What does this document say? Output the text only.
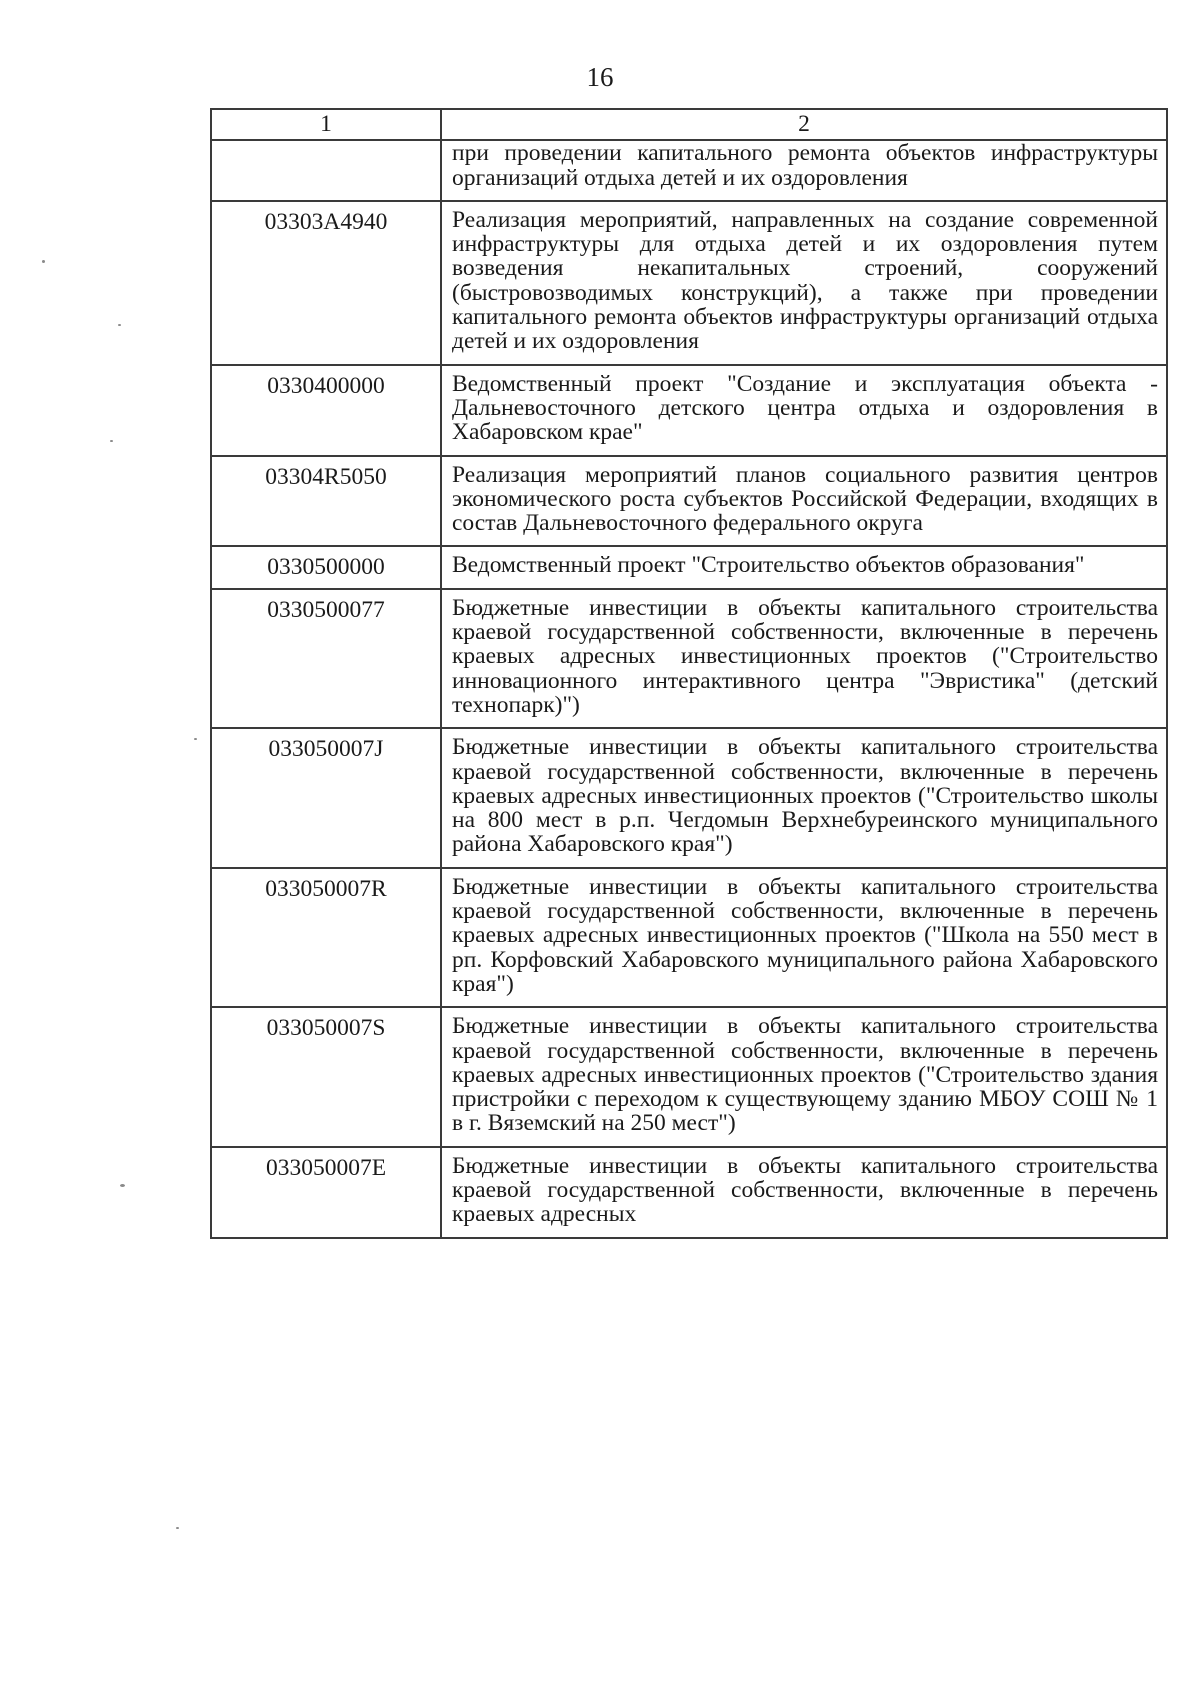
16
1	2
	при проведении капитального ремонта объектов инфраструктуры организаций отдыха детей и их оздоровления
03303А4940	Реализация мероприятий, направленных на создание современной инфраструктуры для отдыха детей и их оздоровления путем возведения некапитальных строений, сооружений (быстровозводимых конструкций), а также при проведении капитального ремонта объектов инфраструктуры организаций отдыха детей и их оздоровления
0330400000	Ведомственный проект "Создание и эксплуатация объекта - Дальневосточного детского центра отдыха и оздоровления в Хабаровском крае"
03304R5050	Реализация мероприятий планов социального развития центров экономического роста субъектов Российской Федерации, входящих в состав Дальневосточного федерального округа
0330500000	Ведомственный проект "Строительство объектов образования"
0330500077	Бюджетные инвестиции в объекты капитального строительства краевой государственной собственности, включенные в перечень краевых адресных инвестиционных проектов ("Строительство инновационного интерактивного центра "Эвристика" (детский технопарк)")
033050007J	Бюджетные инвестиции в объекты капитального строительства краевой государственной собственности, включенные в перечень краевых адресных инвестиционных проектов ("Строительство школы на 800 мест в р.п. Чегдомын Верхнебуреинского муниципального района Хабаровского края")
033050007R	Бюджетные инвестиции в объекты капитального строительства краевой государственной собственности, включенные в перечень краевых адресных инвестиционных проектов ("Школа на 550 мест в рп. Корфовский Хабаровского муниципального района Хабаровского края")
033050007S	Бюджетные инвестиции в объекты капитального строительства краевой государственной собственности, включенные в перечень краевых адресных инвестиционных проектов ("Строительство здания пристройки с переходом к существующему зданию МБОУ СОШ № 1 в г. Вяземский на 250 мест")
033050007Е	Бюджетные инвестиции в объекты капитального строительства краевой государственной собственности, включенные в перечень краевых адресных
